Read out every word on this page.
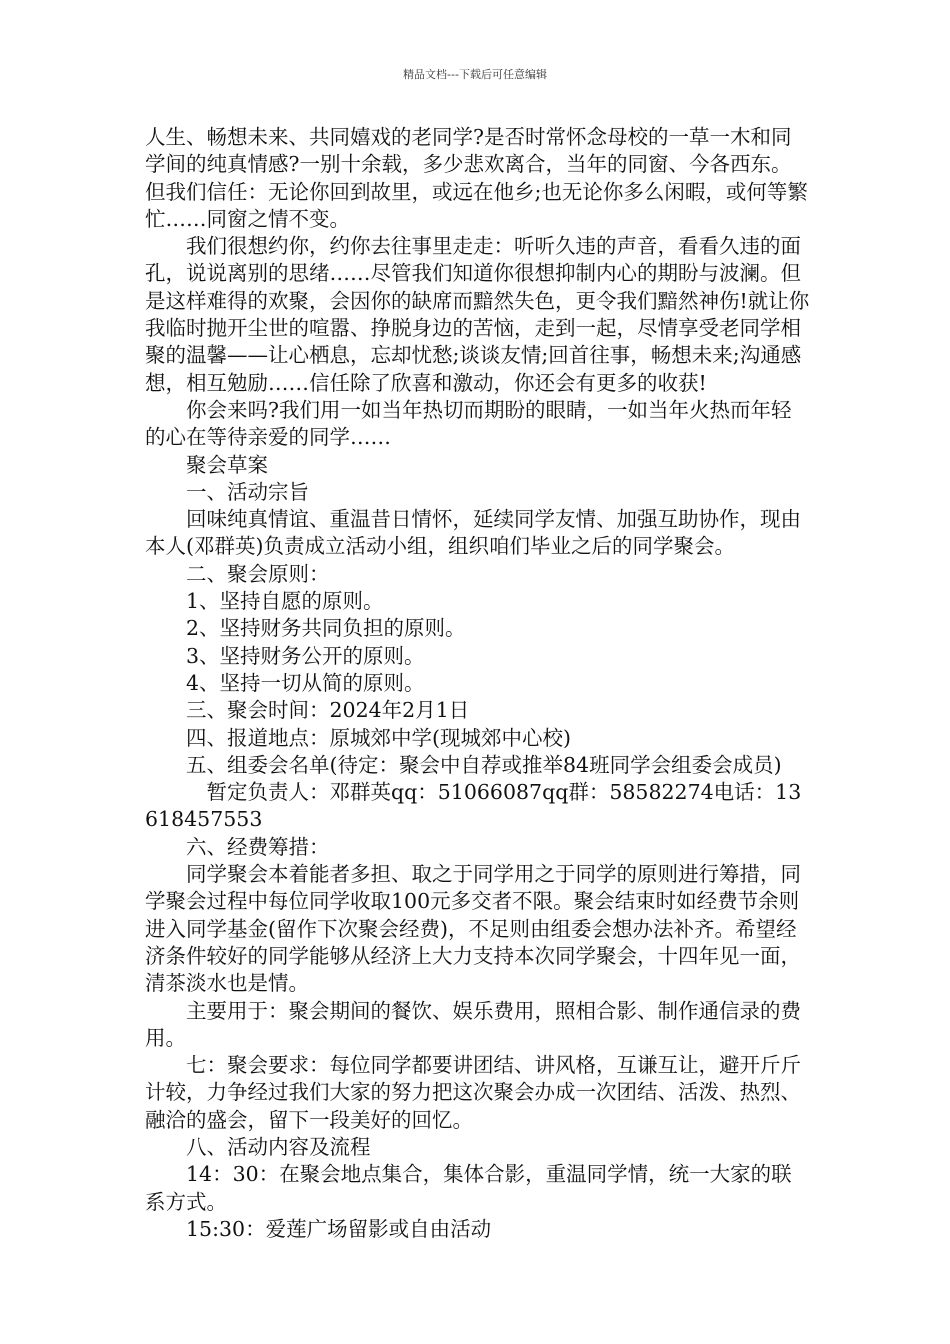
精品文档---下载后可任意编辑

人生、畅想未来、共同嬉戏的老同学?是否时常怀念母校的一草一木和同学间的纯真情感?一别十余载，多少悲欢离合，当年的同窗、今各西东。但我们信任：无论你回到故里，或远在他乡;也无论你多么闲暇，或何等繁忙……同窗之情不变。

我们很想约你，约你去往事里走走：听听久违的声音，看看久违的面孔，说说离别的思绪……尽管我们知道你很想抑制内心的期盼与波澜。但是这样难得的欢聚，会因你的缺席而黯然失色，更令我们黯然神伤!就让你我临时抛开尘世的喧嚣、挣脱身边的苦恼，走到一起，尽情享受老同学相聚的温馨——让心栖息，忘却忧愁;谈谈友情;回首往事，畅想未来;沟通感想，相互勉励……信任除了欣喜和激动，你还会有更多的收获!

你会来吗?我们用一如当年热切而期盼的眼睛，一如当年火热而年轻的心在等待亲爱的同学……

聚会草案

一、活动宗旨

回味纯真情谊、重温昔日情怀，延续同学友情、加强互助协作，现由本人(邓群英)负责成立活动小组，组织咱们毕业之后的同学聚会。

二、聚会原则：

1、坚持自愿的原则。

2、坚持财务共同负担的原则。

3、坚持财务公开的原则。

4、坚持一切从简的原则。

三、聚会时间：2024年2月1日

四、报道地点：原城郊中学(现城郊中心校)

五、组委会名单(待定：聚会中自荐或推举84班同学会组委会成员)

暂定负责人：邓群英qq：51066087qq群：58582274电话：13618457553

六、经费筹措：

同学聚会本着能者多担、取之于同学用之于同学的原则进行筹措，同学聚会过程中每位同学收取100元多交者不限。聚会结束时如经费节余则进入同学基金(留作下次聚会经费)，不足则由组委会想办法补齐。希望经济条件较好的同学能够从经济上大力支持本次同学聚会，十四年见一面，清茶淡水也是情。

主要用于：聚会期间的餐饮、娱乐费用，照相合影、制作通信录的费用。

七：聚会要求：每位同学都要讲团结、讲风格，互谦互让，避开斤斤计较，力争经过我们大家的努力把这次聚会办成一次团结、活泼、热烈、融洽的盛会，留下一段美好的回忆。

八、活动内容及流程

14：30：在聚会地点集合，集体合影，重温同学情，统一大家的联系方式。

15:30：爱莲广场留影或自由活动
